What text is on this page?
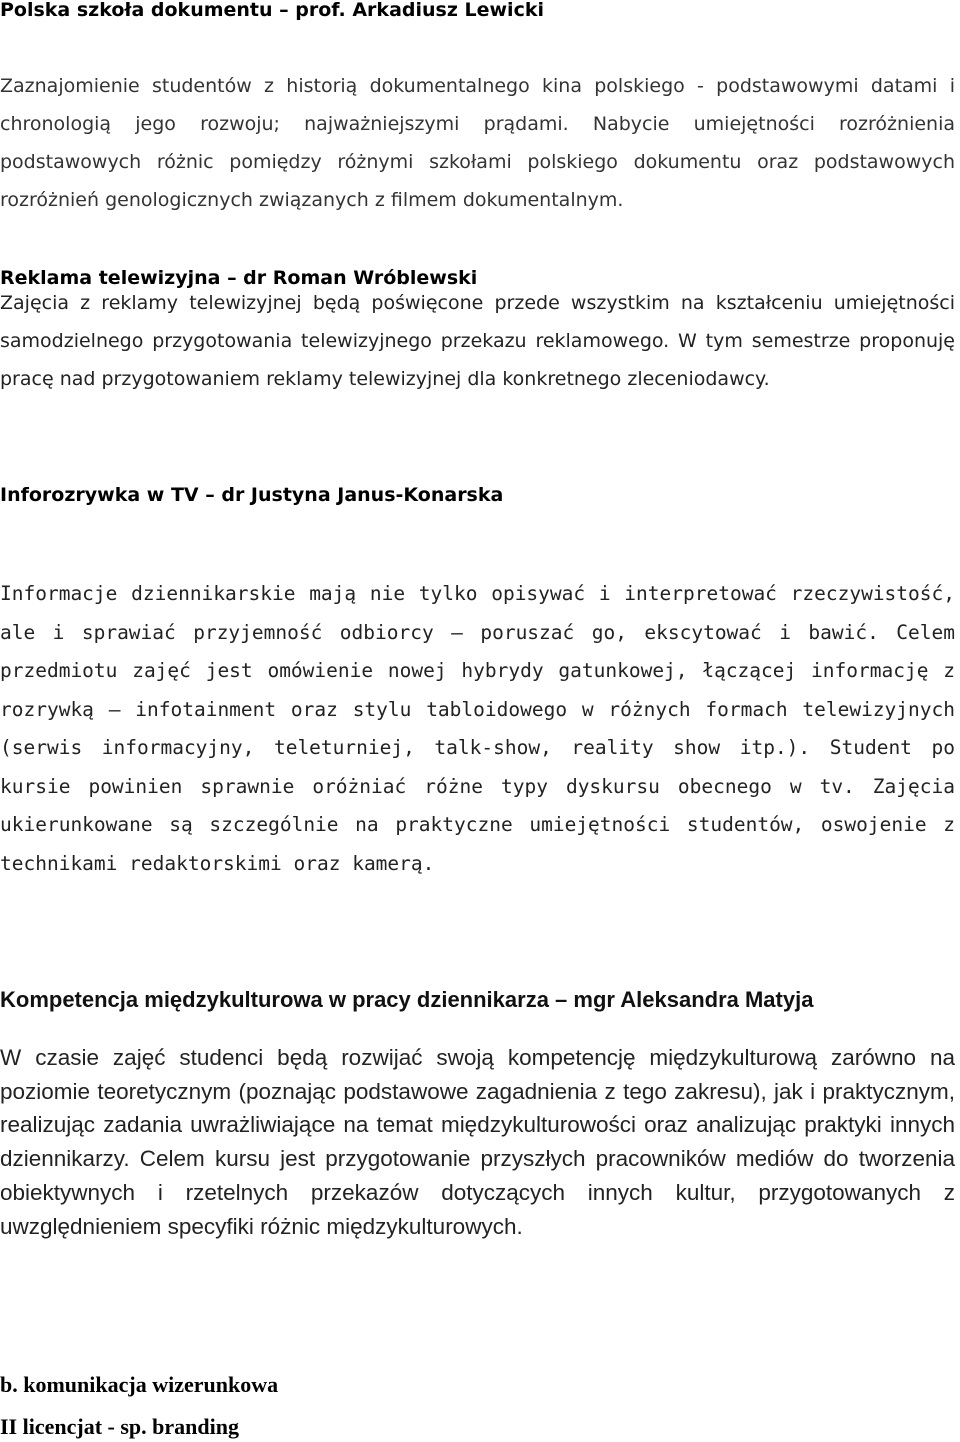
Polska szkoła dokumentu – prof. Arkadiusz Lewicki

Zaznajomienie studentów z historią dokumentalnego kina polskiego - podstawowymi datami i chronologią jego rozwoju; najważniejszymi prądami. Nabycie umiejętności rozróżnienia podstawowych różnic pomiędzy różnymi szkołami polskiego dokumentu oraz podstawowych rozróżnień genologicznych związanych z filmem dokumentalnym.

Reklama telewizyjna – dr Roman Wróblewski

Zajęcia z reklamy telewizyjnej będą poświęcone przede wszystkim na kształceniu umiejętności samodzielnego przygotowania telewizyjnego przekazu reklamowego. W tym semestrze proponuję pracę nad przygotowaniem reklamy telewizyjnej dla konkretnego zleceniodawcy.

Inforozrywka w TV – dr Justyna Janus-Konarska

Informacje dziennikarskie mają nie tylko opisywać i interpretować rzeczywistość, ale i sprawiać przyjemność odbiorcy – poruszać go, ekscytować i bawić. Celem przedmiotu zajęć jest omówienie nowej hybrydy gatunkowej, łączącej informację z rozrywką – infotainment oraz stylu tabloidowego w różnych formach telewizyjnych (serwis informacyjny, teleturniej, talk-show, reality show itp.). Student po kursie powinien sprawnie oróżniać różne typy dyskursu obecnego w tv. Zajęcia ukierunkowane są szczególnie na praktyczne umiejętności studentów, oswojenie z technikami redaktorskimi oraz kamerą.

Kompetencja międzykulturowa w pracy dziennikarza – mgr Aleksandra Matyja

W czasie zajęć studenci będą rozwijać swoją kompetencję międzykulturową zarówno na poziomie teoretycznym (poznając podstawowe zagadnienia z tego zakresu), jak i praktycznym, realizując zadania uwrażliwiające na temat międzykulturowości oraz analizując praktyki innych dziennikarzy. Celem kursu jest przygotowanie przyszłych pracowników mediów do tworzenia obiektywnych i rzetelnych przekazów dotyczących innych kultur, przygotowanych z uwzględnieniem specyfiki różnic międzykulturowych.

b. komunikacja wizerunkowa

II licencjat - sp. branding
